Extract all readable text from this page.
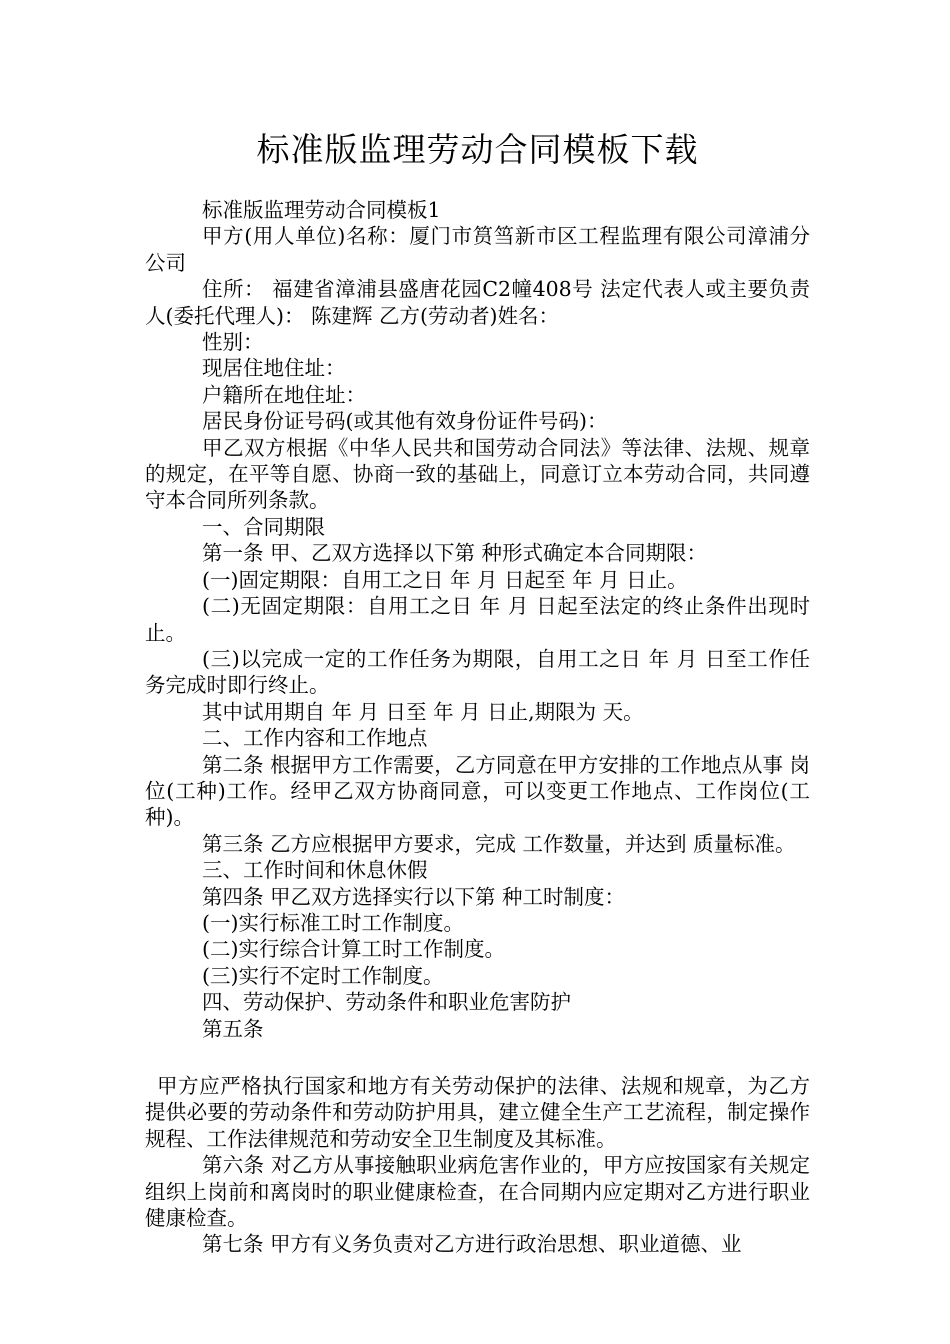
标准版监理劳动合同模板下载

标准版监理劳动合同模板1

甲方(用人单位)名称：厦门市筼筜新市区工程监理有限公司漳浦分公司

住所： 福建省漳浦县盛唐花园C2幢408号 法定代表人或主要负责人(委托代理人)： 陈建辉 乙方(劳动者)姓名：

性别：

现居住地住址：

户籍所在地住址：

居民身份证号码(或其他有效身份证件号码)：

甲乙双方根据《中华人民共和国劳动合同法》等法律、法规、规章的规定，在平等自愿、协商一致的基础上，同意订立本劳动合同，共同遵守本合同所列条款。

一、合同期限

第一条 甲、乙双方选择以下第 种形式确定本合同期限：

(一)固定期限：自用工之日 年 月 日起至 年 月 日止。

(二)无固定期限：自用工之日 年 月 日起至法定的终止条件出现时止。

(三)以完成一定的工作任务为期限，自用工之日 年 月 日至工作任务完成时即行终止。

其中试用期自 年 月 日至 年 月 日止,期限为 天。

二、工作内容和工作地点

第二条 根据甲方工作需要，乙方同意在甲方安排的工作地点从事 岗位(工种)工作。经甲乙双方协商同意，可以变更工作地点、工作岗位(工种)。

第三条 乙方应根据甲方要求，完成 工作数量，并达到 质量标准。

三、工作时间和休息休假

第四条 甲乙双方选择实行以下第 种工时制度：

(一)实行标准工时工作制度。

(二)实行综合计算工时工作制度。

(三)实行不定时工作制度。

四、劳动保护、劳动条件和职业危害防护

第五条

甲方应严格执行国家和地方有关劳动保护的法律、法规和规章，为乙方提供必要的劳动条件和劳动防护用具，建立健全生产工艺流程，制定操作规程、工作法律规范和劳动安全卫生制度及其标准。

第六条 对乙方从事接触职业病危害作业的，甲方应按国家有关规定组织上岗前和离岗时的职业健康检查，在合同期内应定期对乙方进行职业健康检查。

第七条 甲方有义务负责对乙方进行政治思想、职业道德、业
